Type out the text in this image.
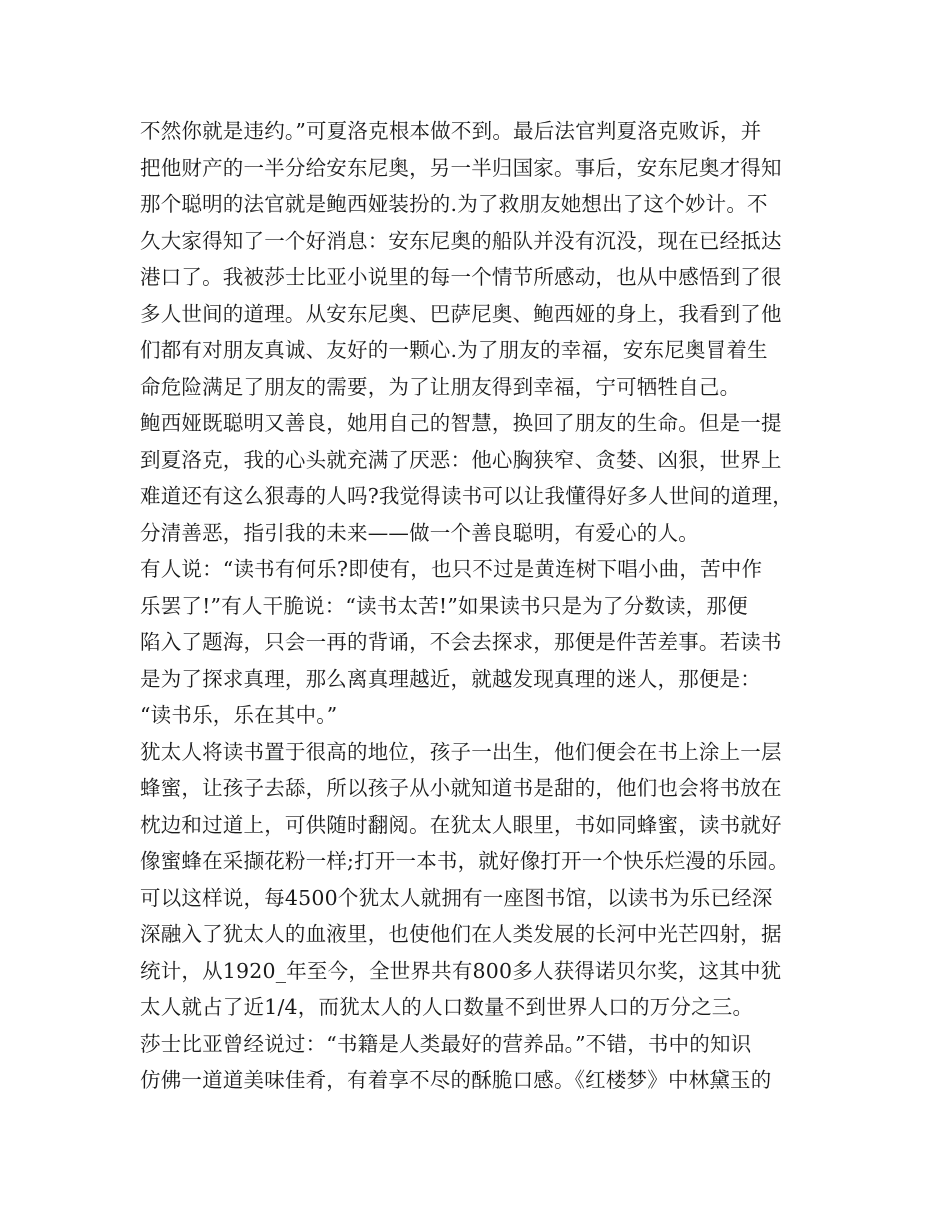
不然你就是违约。”可夏洛克根本做不到。最后法官判夏洛克败诉，并
把他财产的一半分给安东尼奥，另一半归国家。事后，安东尼奥才得知
那个聪明的法官就是鲍西娅装扮的.为了救朋友她想出了这个妙计。不
久大家得知了一个好消息：安东尼奥的船队并没有沉没，现在已经抵达
港口了。我被莎士比亚小说里的每一个情节所感动，也从中感悟到了很
多人世间的道理。从安东尼奥、巴萨尼奥、鲍西娅的身上，我看到了他
们都有对朋友真诚、友好的一颗心.为了朋友的幸福，安东尼奥冒着生
命危险满足了朋友的需要，为了让朋友得到幸福，宁可牺牲自己。
鲍西娅既聪明又善良，她用自己的智慧，换回了朋友的生命。但是一提
到夏洛克，我的心头就充满了厌恶：他心胸狭窄、贪婪、凶狠，世界上
难道还有这么狠毒的人吗?我觉得读书可以让我懂得好多人世间的道理，
分清善恶，指引我的未来——做一个善良聪明，有爱心的人。
有人说：“读书有何乐?即使有，也只不过是黄连树下唱小曲，苦中作
乐罢了!”有人干脆说：“读书太苦!”如果读书只是为了分数读，那便
陷入了题海，只会一再的背诵，不会去探求，那便是件苦差事。若读书
是为了探求真理，那么离真理越近，就越发现真理的迷人，那便是：
“读书乐，乐在其中。”
犹太人将读书置于很高的地位，孩子一出生，他们便会在书上涂上一层
蜂蜜，让孩子去舔，所以孩子从小就知道书是甜的，他们也会将书放在
枕边和过道上，可供随时翻阅。在犹太人眼里，书如同蜂蜜，读书就好
像蜜蜂在采撷花粉一样;打开一本书，就好像打开一个快乐烂漫的乐园。
可以这样说，每4500个犹太人就拥有一座图书馆，以读书为乐已经深
深融入了犹太人的血液里，也使他们在人类发展的长河中光芒四射，据
统计，从1920_年至今，全世界共有800多人获得诺贝尔奖，这其中犹
太人就占了近1/4，而犹太人的人口数量不到世界人口的万分之三。
莎士比亚曾经说过：“书籍是人类最好的营养品。”不错，书中的知识
仿佛一道道美味佳肴，有着享不尽的酥脆口感。《红楼梦》中林黛玉的
